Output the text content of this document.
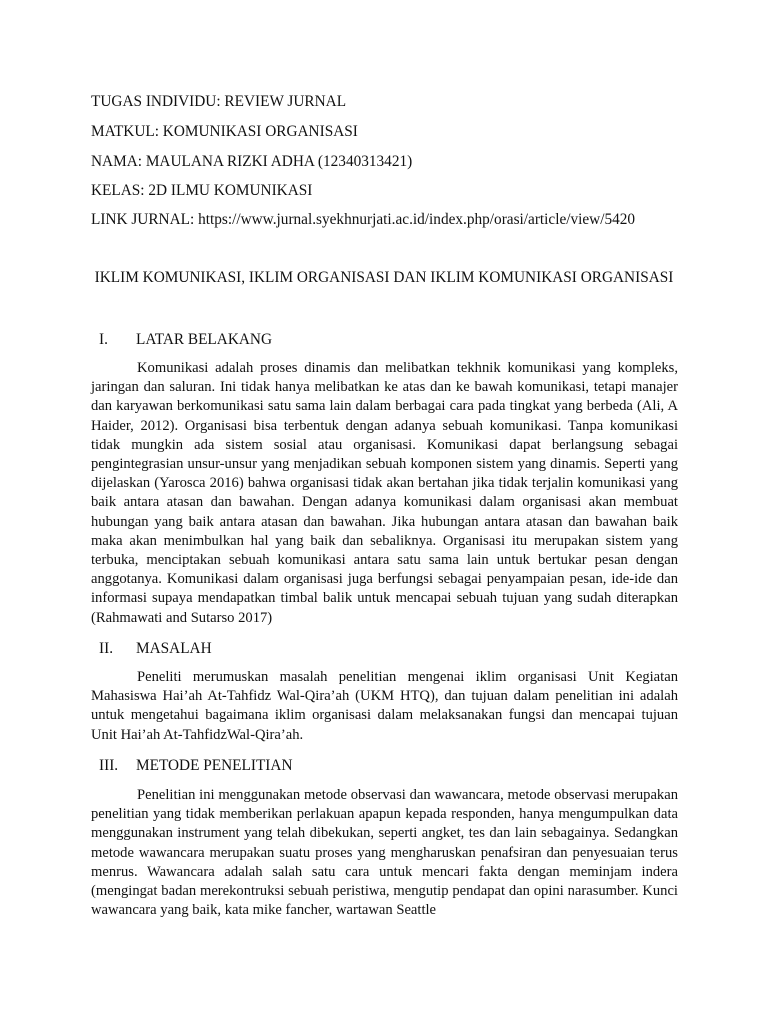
TUGAS INDIVIDU: REVIEW JURNAL

MATKUL: KOMUNIKASI ORGANISASI

NAMA: MAULANA RIZKI ADHA (12340313421)

KELAS: 2D ILMU KOMUNIKASI

LINK JURNAL: https://www.jurnal.syekhnurjati.ac.id/index.php/orasi/article/view/5420

IKLIM KOMUNIKASI, IKLIM ORGANISASI DAN IKLIM KOMUNIKASI ORGANISASI
I. LATAR BELAKANG

Komunikasi adalah proses dinamis dan melibatkan tekhnik komunikasi yang kompleks, jaringan dan saluran. Ini tidak hanya melibatkan ke atas dan ke bawah komunikasi, tetapi manajer dan karyawan berkomunikasi satu sama lain dalam berbagai cara pada tingkat yang berbeda (Ali, A Haider, 2012). Organisasi bisa terbentuk dengan adanya sebuah komunikasi. Tanpa komunikasi tidak mungkin ada sistem sosial atau organisasi. Komunikasi dapat berlangsung sebagai pengintegrasian unsur-unsur yang menjadikan sebuah komponen sistem yang dinamis. Seperti yang dijelaskan (Yarosca 2016) bahwa organisasi tidak akan bertahan jika tidak terjalin komunikasi yang baik antara atasan dan bawahan. Dengan adanya komunikasi dalam organisasi akan membuat hubungan yang baik antara atasan dan bawahan. Jika hubungan antara atasan dan bawahan baik maka akan menimbulkan hal yang baik dan sebaliknya. Organisasi itu merupakan sistem yang terbuka, menciptakan sebuah komunikasi antara satu sama lain untuk bertukar pesan dengan anggotanya. Komunikasi dalam organisasi juga berfungsi sebagai penyampaian pesan, ide-ide dan informasi supaya mendapatkan timbal balik untuk mencapai sebuah tujuan yang sudah diterapkan (Rahmawati and Sutarso 2017)

II. MASALAH

Peneliti merumuskan masalah penelitian mengenai iklim organisasi Unit Kegiatan Mahasiswa Hai’ah At-Tahfidz Wal-Qira’ah (UKM HTQ), dan tujuan dalam penelitian ini adalah untuk mengetahui bagaimana iklim organisasi dalam melaksanakan fungsi dan mencapai tujuan Unit Hai’ah At-TahfidzWal-Qira’ah.

III. METODE PENELITIAN

Penelitian ini menggunakan metode observasi dan wawancara, metode observasi merupakan penelitian yang tidak memberikan perlakuan apapun kepada responden, hanya mengumpulkan data menggunakan instrument yang telah dibekukan, seperti angket, tes dan lain sebagainya. Sedangkan metode wawancara merupakan suatu proses yang mengharuskan penafsiran dan penyesuaian terus menrus. Wawancara adalah salah satu cara untuk mencari fakta dengan meminjam indera (mengingat badan merekontruksi sebuah peristiwa, mengutip pendapat dan opini narasumber. Kunci wawancara yang baik, kata mike fancher, wartawan Seattle
